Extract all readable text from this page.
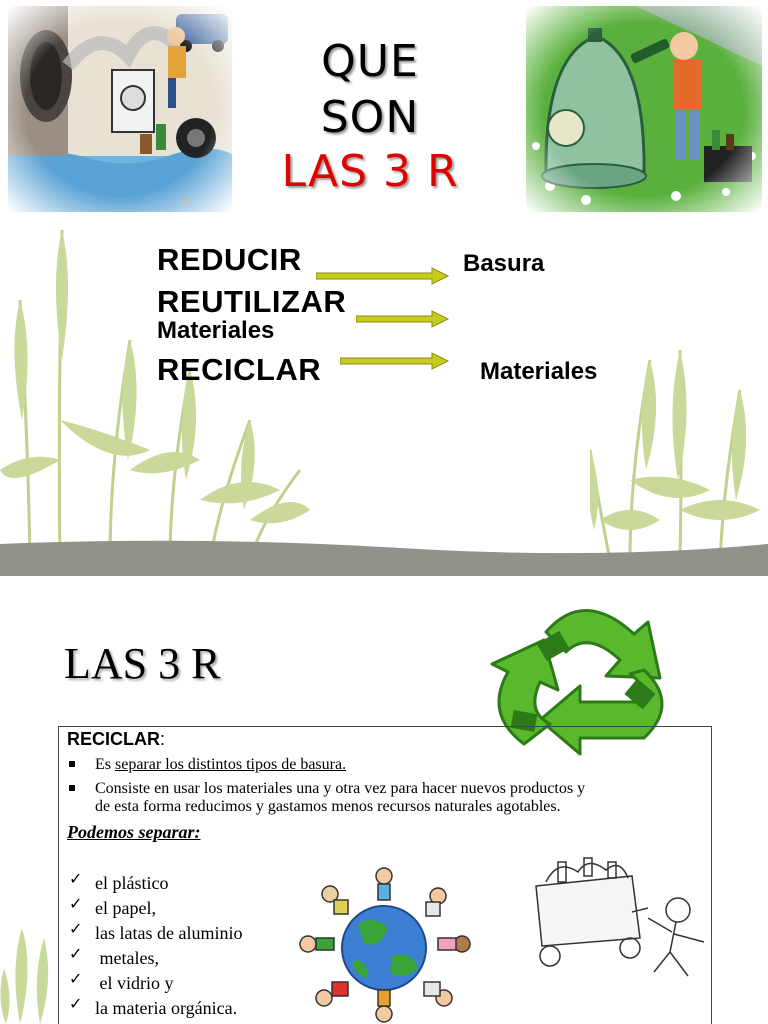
QUE
SON
LAS 3 R
REDUCIR
REUTILIZAR
Materiales
RECICLAR
Basura
Materiales
LAS 3 R
RECICLAR:
Es separar los distintos tipos de basura.
Consiste en usar los materiales una y otra vez para hacer nuevos productos y
de esta forma reducimos y gastamos menos recursos naturales agotables.
Podemos separar:
✓ el plástico
✓ el papel,
✓ las latas de aluminio
✓ metales,
✓ el vidrio y
✓ la materia orgánica.
